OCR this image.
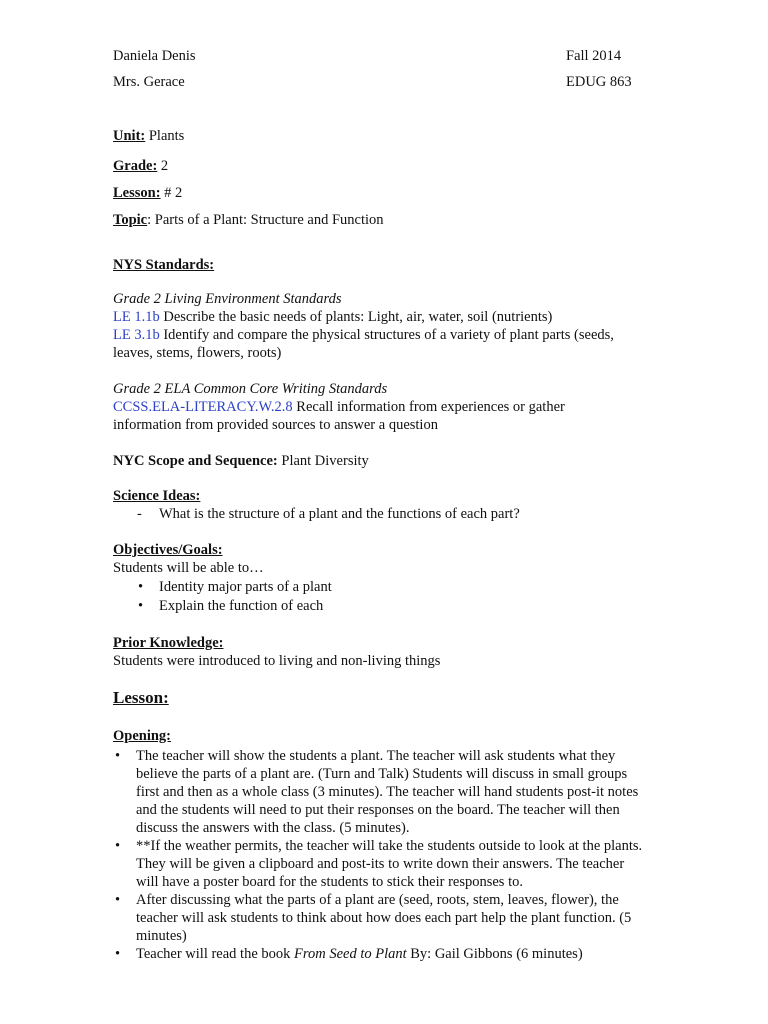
Daniela Denis
Mrs. Gerace
Fall 2014
EDUG 863
Unit: Plants
Grade: 2
Lesson: # 2
Topic: Parts of a Plant: Structure and Function
NYS Standards:
Grade 2 Living Environment Standards
LE 1.1b Describe the basic needs of plants: Light, air, water, soil (nutrients)
LE 3.1b Identify and compare the physical structures of a variety of plant parts (seeds,
leaves, stems, flowers, roots)
Grade 2 ELA Common Core Writing Standards
CCSS.ELA-LITERACY.W.2.8 Recall information from experiences or gather
information from provided sources to answer a question
NYC Scope and Sequence: Plant Diversity
Science Ideas:
- What is the structure of a plant and the functions of each part?
Objectives/Goals:
Students will be able to…
• Identity major parts of a plant
• Explain the function of each
Prior Knowledge:
Students were introduced to living and non-living things
Lesson:
Opening:
• The teacher will show the students a plant. The teacher will ask students what they believe the parts of a plant are. (Turn and Talk) Students will discuss in small groups first and then as a whole class (3 minutes). The teacher will hand students post-it notes and the students will need to put their responses on the board. The teacher will then discuss the answers with the class. (5 minutes).
• **If the weather permits, the teacher will take the students outside to look at the plants. They will be given a clipboard and post-its to write down their answers. The teacher will have a poster board for the students to stick their responses to.
• After discussing what the parts of a plant are (seed, roots, stem, leaves, flower), the teacher will ask students to think about how does each part help the plant function. (5 minutes)
• Teacher will read the book From Seed to Plant By: Gail Gibbons (6 minutes)
